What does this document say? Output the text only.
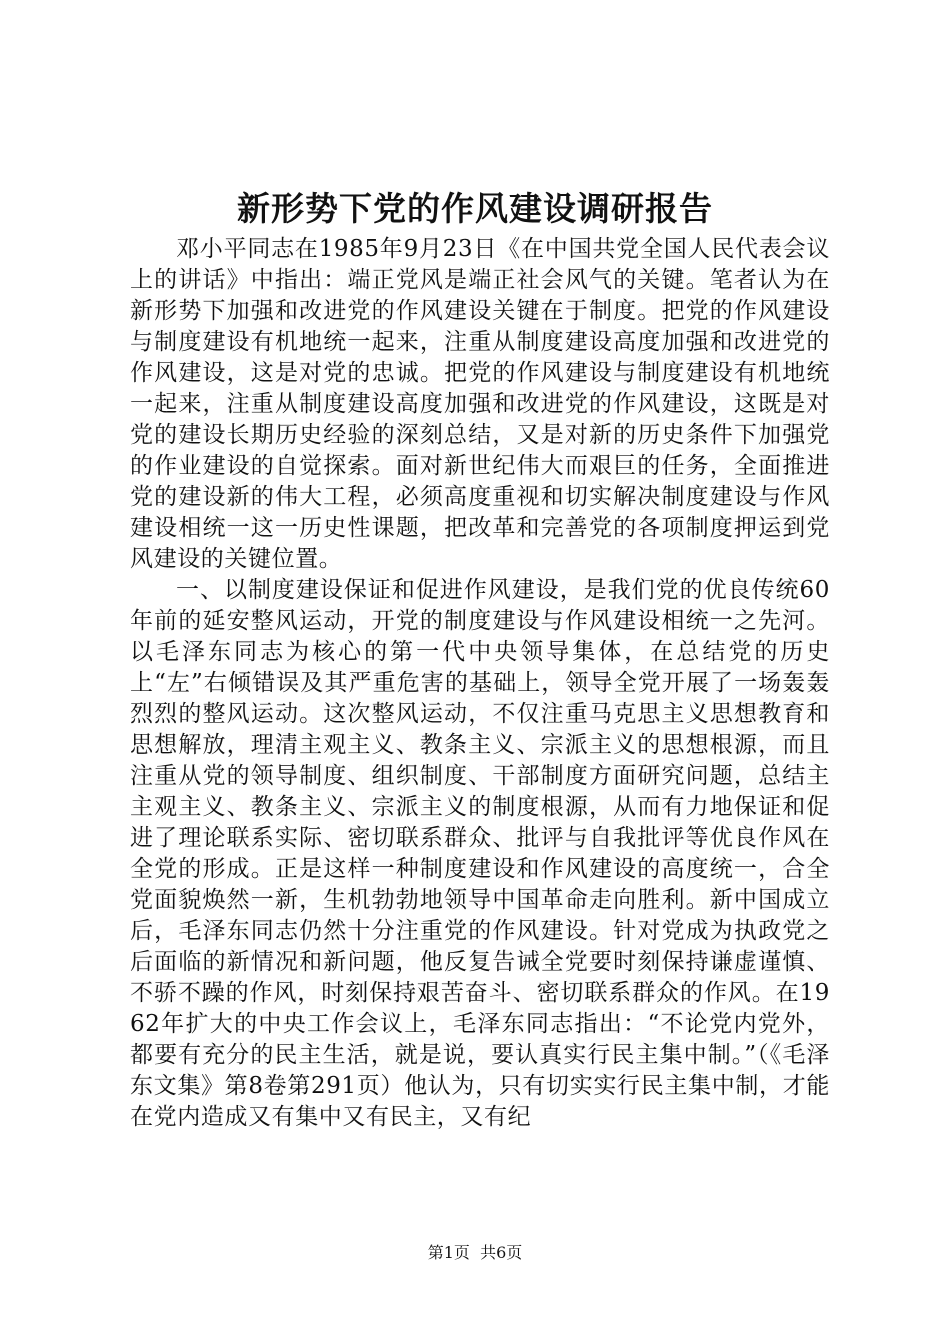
新形势下党的作风建设调研报告

邓小平同志在1985年9月23日《在中国共党全国人民代表会议上的讲话》中指出：端正党风是端正社会风气的关键。笔者认为在新形势下加强和改进党的作风建设关键在于制度。把党的作风建设与制度建设有机地统一起来，注重从制度建设高度加强和改进党的作风建设，这是对党的忠诚。把党的作风建设与制度建设有机地统一起来，注重从制度建设高度加强和改进党的作风建设，这既是对党的建设长期历史经验的深刻总结，又是对新的历史条件下加强党的作业建设的自觉探索。面对新世纪伟大而艰巨的任务，全面推进党的建设新的伟大工程，必须高度重视和切实解决制度建设与作风建设相统一这一历史性课题，把改革和完善党的各项制度押运到党风建设的关键位置。

一、以制度建设保证和促进作风建设，是我们党的优良传统60年前的延安整风运动，开党的制度建设与作风建设相统一之先河。以毛泽东同志为核心的第一代中央领导集体，在总结党的历史上“左”右倾错误及其严重危害的基础上，领导全党开展了一场轰轰烈烈的整风运动。这次整风运动，不仅注重马克思主义思想教育和思想解放，理清主观主义、教条主义、宗派主义的思想根源，而且注重从党的领导制度、组织制度、干部制度方面研究问题，总结主主观主义、教条主义、宗派主义的制度根源，从而有力地保证和促进了理论联系实际、密切联系群众、批评与自我批评等优良作风在全党的形成。正是这样一种制度建设和作风建设的高度统一，合全党面貌焕然一新，生机勃勃地领导中国革命走向胜利。新中国成立后，毛泽东同志仍然十分注重党的作风建设。针对党成为执政党之后面临的新情况和新问题，他反复告诫全党要时刻保持谦虚谨慎、不骄不躁的作风，时刻保持艰苦奋斗、密切联系群众的作风。在1962年扩大的中央工作会议上，毛泽东同志指出：“不论党内党外，都要有充分的民主生活，就是说，要认真实行民主集中制。”（《毛泽东文集》第8卷第291页）他认为，只有切实实行民主集中制，才能在党内造成又有集中又有民主，又有纪

第1页  共6页
